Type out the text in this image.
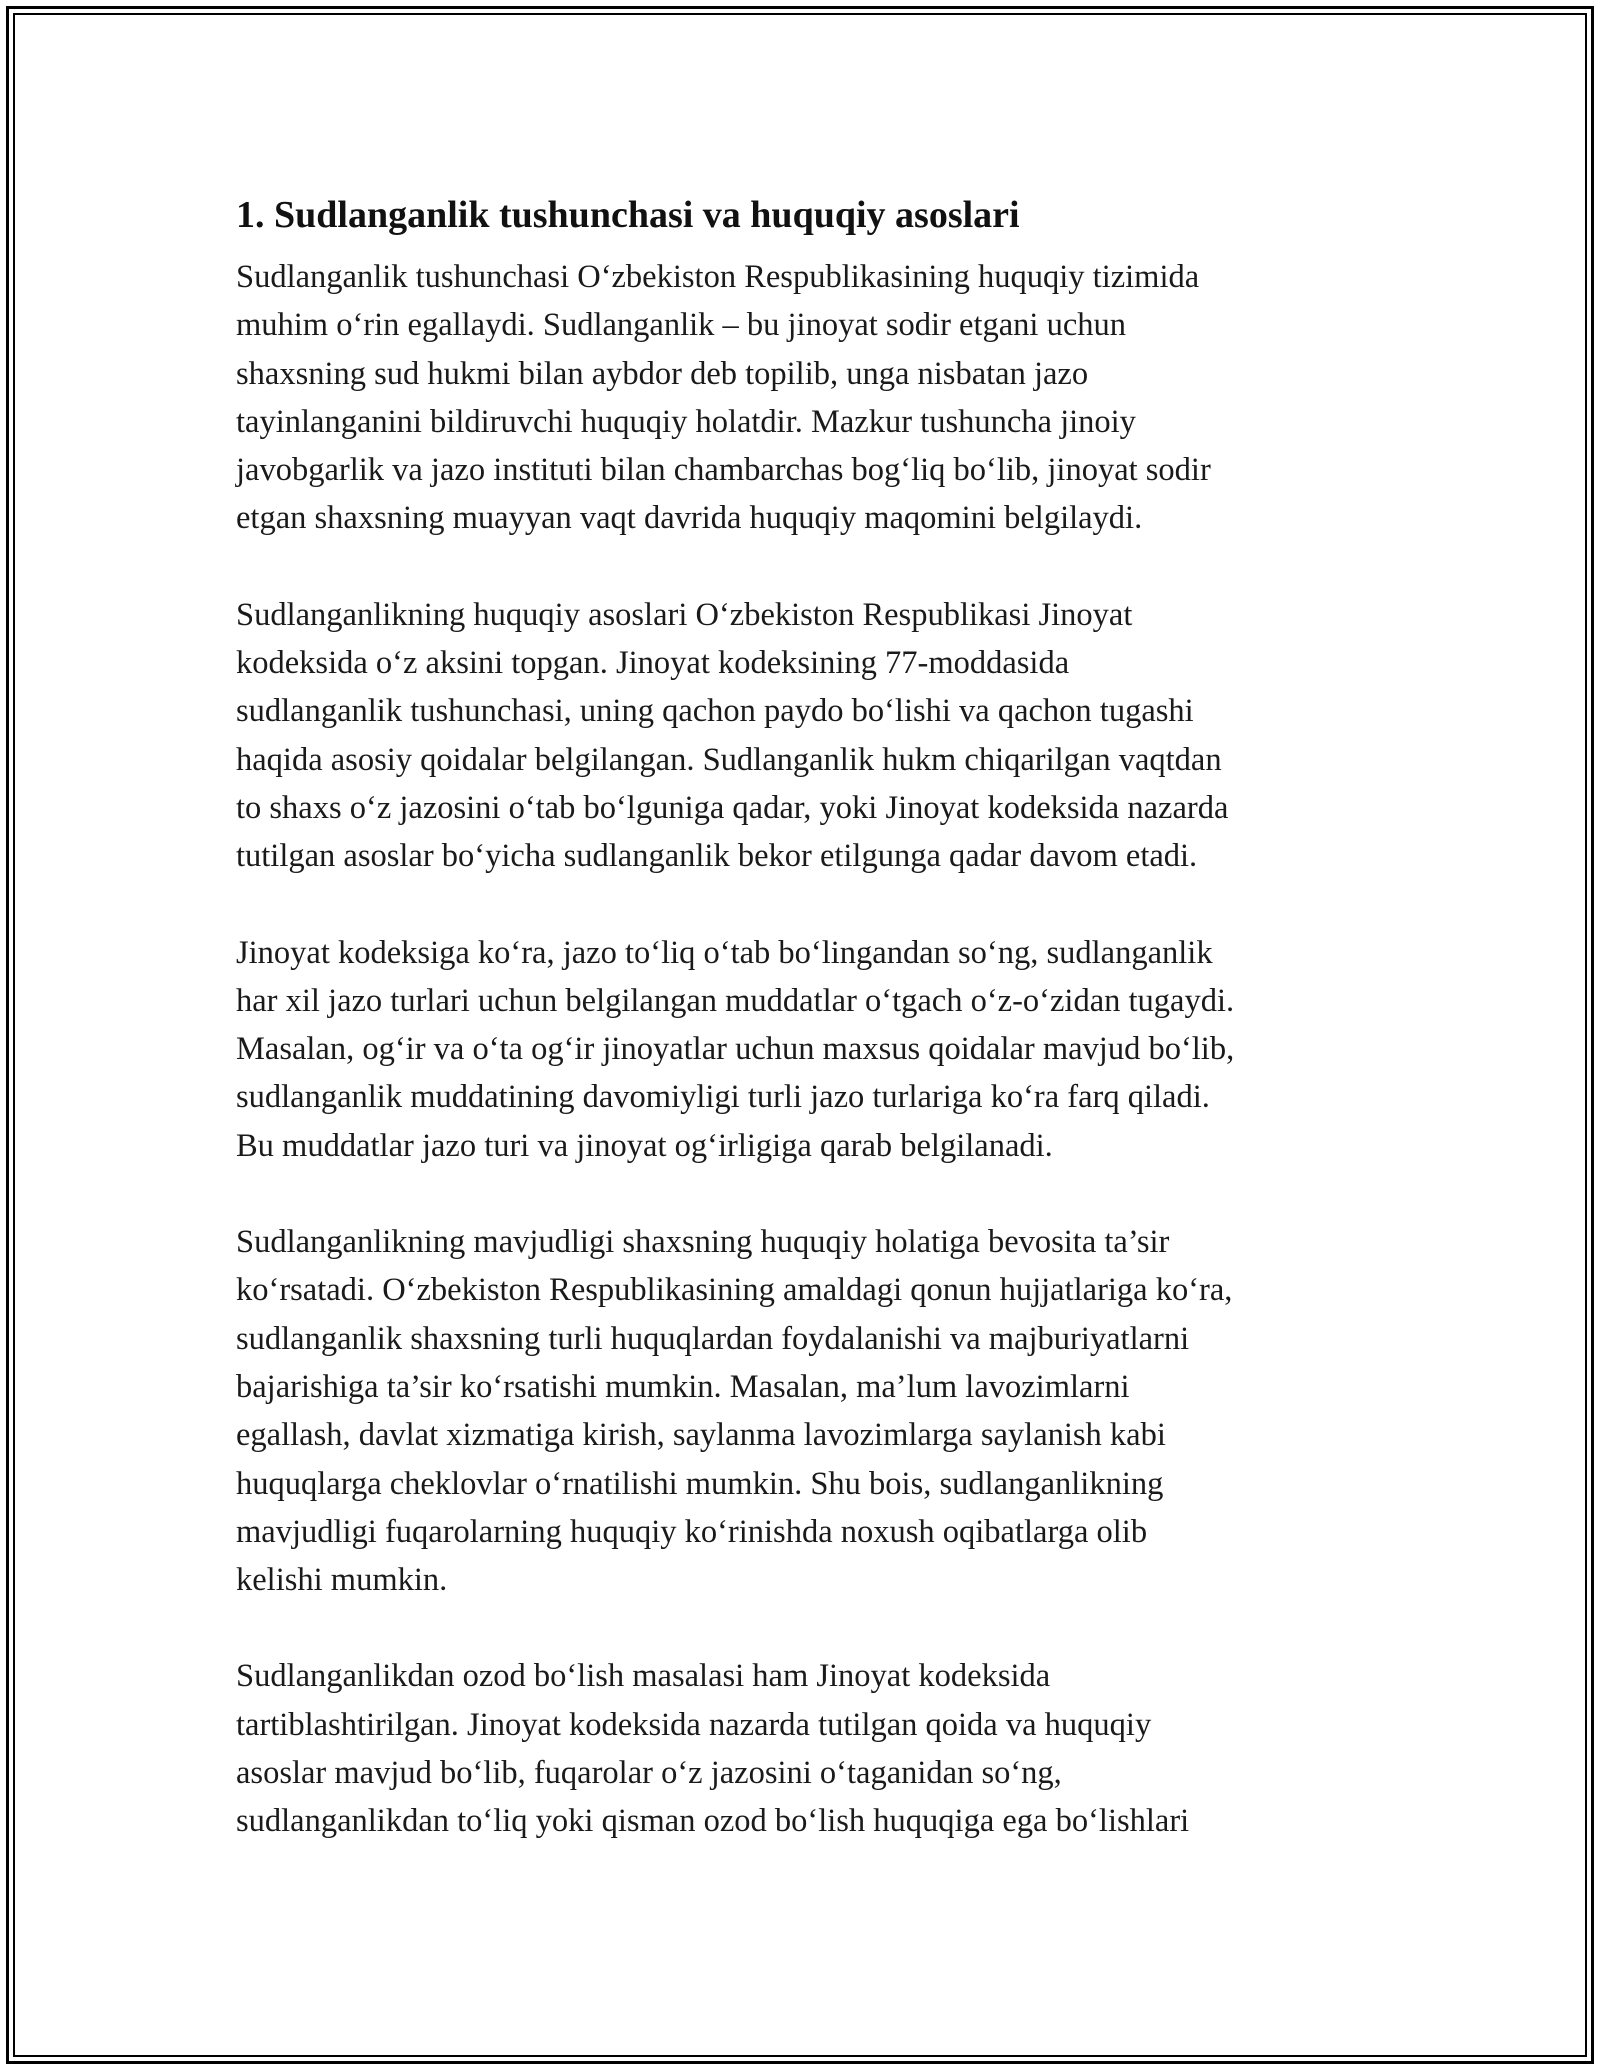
1. Sudlanganlik tushunchasi va huquqiy asoslari

Sudlanganlik tushunchasi O‘zbekiston Respublikasining huquqiy tizimida
muhim o‘rin egallaydi. Sudlanganlik – bu jinoyat sodir etgani uchun
shaxsning sud hukmi bilan aybdor deb topilib, unga nisbatan jazo
tayinlanganini bildiruvchi huquqiy holatdir. Mazkur tushuncha jinoiy
javobgarlik va jazo instituti bilan chambarchas bog‘liq bo‘lib, jinoyat sodir
etgan shaxsning muayyan vaqt davrida huquqiy maqomini belgilaydi.

Sudlanganlikning huquqiy asoslari O‘zbekiston Respublikasi Jinoyat
kodeksida o‘z aksini topgan. Jinoyat kodeksining 77-moddasida
sudlanganlik tushunchasi, uning qachon paydo bo‘lishi va qachon tugashi
haqida asosiy qoidalar belgilangan. Sudlanganlik hukm chiqarilgan vaqtdan
to shaxs o‘z jazosini o‘tab bo‘lguniga qadar, yoki Jinoyat kodeksida nazarda
tutilgan asoslar bo‘yicha sudlanganlik bekor etilgunga qadar davom etadi.

Jinoyat kodeksiga ko‘ra, jazo to‘liq o‘tab bo‘lingandan so‘ng, sudlanganlik
har xil jazo turlari uchun belgilangan muddatlar o‘tgach o‘z-o‘zidan tugaydi.
Masalan, og‘ir va o‘ta og‘ir jinoyatlar uchun maxsus qoidalar mavjud bo‘lib,
sudlanganlik muddatining davomiyligi turli jazo turlariga ko‘ra farq qiladi.
Bu muddatlar jazo turi va jinoyat og‘irligiga qarab belgilanadi.

Sudlanganlikning mavjudligi shaxsning huquqiy holatiga bevosita ta’sir
ko‘rsatadi. O‘zbekiston Respublikasining amaldagi qonun hujjatlariga ko‘ra,
sudlanganlik shaxsning turli huquqlardan foydalanishi va majburiyatlarni
bajarishiga ta’sir ko‘rsatishi mumkin. Masalan, ma’lum lavozimlarni
egallash, davlat xizmatiga kirish, saylanma lavozimlarga saylanish kabi
huquqlarga cheklovlar o‘rnatilishi mumkin. Shu bois, sudlanganlikning
mavjudligi fuqarolarning huquqiy ko‘rinishda noxush oqibatlarga olib
kelishi mumkin.

Sudlanganlikdan ozod bo‘lish masalasi ham Jinoyat kodeksida
tartiblashtirilgan. Jinoyat kodeksida nazarda tutilgan qoida va huquqiy
asoslar mavjud bo‘lib, fuqarolar o‘z jazosini o‘taganidan so‘ng,
sudlanganlikdan to‘liq yoki qisman ozod bo‘lish huquqiga ega bo‘lishlari
